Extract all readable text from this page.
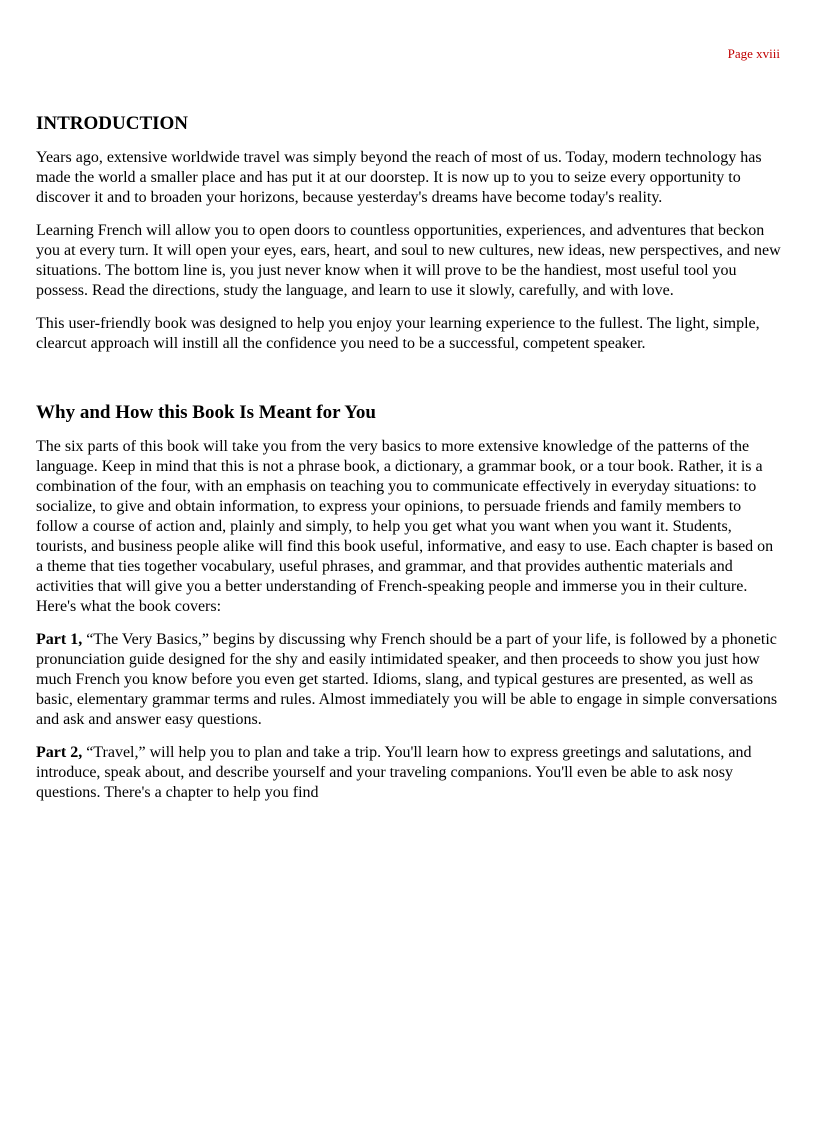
Page xviii
INTRODUCTION

Years ago, extensive worldwide travel was simply beyond the reach of most of us. Today, modern technology has made the world a smaller place and has put it at our doorstep. It is now up to you to seize every opportunity to discover it and to broaden your horizons, because yesterday's dreams have become today's reality.

Learning French will allow you to open doors to countless opportunities, experiences, and adventures that beckon you at every turn. It will open your eyes, ears, heart, and soul to new cultures, new ideas, new perspectives, and new situations. The bottom line is, you just never know when it will prove to be the handiest, most useful tool you possess. Read the directions, study the language, and learn to use it slowly, carefully, and with love.

This user-friendly book was designed to help you enjoy your learning experience to the fullest. The light, simple, clearcut approach will instill all the confidence you need to be a successful, competent speaker.

Why and How this Book Is Meant for You

The six parts of this book will take you from the very basics to more extensive knowledge of the patterns of the language. Keep in mind that this is not a phrase book, a dictionary, a grammar book, or a tour book. Rather, it is a combination of the four, with an emphasis on teaching you to communicate effectively in everyday situations: to socialize, to give and obtain information, to express your opinions, to persuade friends and family members to follow a course of action and, plainly and simply, to help you get what you want when you want it. Students, tourists, and business people alike will find this book useful, informative, and easy to use. Each chapter is based on a theme that ties together vocabulary, useful phrases, and grammar, and that provides authentic materials and activities that will give you a better understanding of French-speaking people and immerse you in their culture. Here's what the book covers:

Part 1, “The Very Basics,” begins by discussing why French should be a part of your life, is followed by a phonetic pronunciation guide designed for the shy and easily intimidated speaker, and then proceeds to show you just how much French you know before you even get started. Idioms, slang, and typical gestures are presented, as well as basic, elementary grammar terms and rules. Almost immediately you will be able to engage in simple conversations and ask and answer easy questions.

Part 2, “Travel,” will help you to plan and take a trip. You'll learn how to express greetings and salutations, and introduce, speak about, and describe yourself and your traveling companions. You'll even be able to ask nosy questions. There's a chapter to help you find
